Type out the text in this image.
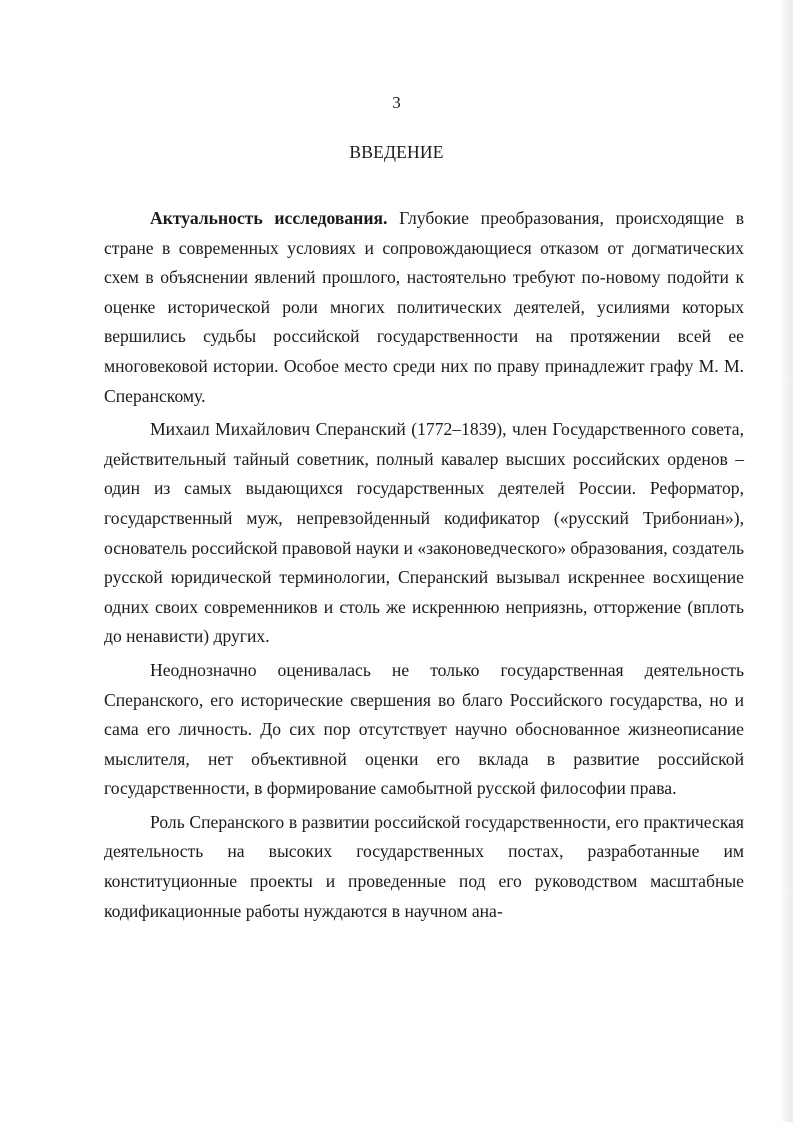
3
ВВЕДЕНИЕ

Актуальность исследования. Глубокие преобразования, происходящие в стране в современных условиях и сопровождающиеся отказом от догматических схем в объяснении явлений прошлого, настоятельно требуют по-новому подойти к оценке исторической роли многих политических деятелей, усилиями которых вершились судьбы российской государственности на протяжении всей ее многовековой истории. Особое место среди них по праву принадлежит графу М. М. Сперанскому.

Михаил Михайлович Сперанский (1772–1839), член Государственного совета, действительный тайный советник, полный кавалер высших российских орденов – один из самых выдающихся государственных деятелей России. Реформатор, государственный муж, непревзойденный кодификатор («русский Трибониан»), основатель российской правовой науки и «законоведческого» образования, создатель русской юридической терминологии, Сперанский вызывал искреннее восхищение одних своих современников и столь же искреннюю неприязнь, отторжение (вплоть до ненависти) других.

Неоднозначно оценивалась не только государственная деятельность Сперанского, его исторические свершения во благо Российского государства, но и сама его личность. До сих пор отсутствует научно обоснованное жизнеописание мыслителя, нет объективной оценки его вклада в развитие российской государственности, в формирование самобытной русской философии права.

Роль Сперанского в развитии российской государственности, его практическая деятельность на высоких государственных постах, разработанные им конституционные проекты и проведенные под его руководством масштабные кодификационные работы нуждаются в научном ана-
